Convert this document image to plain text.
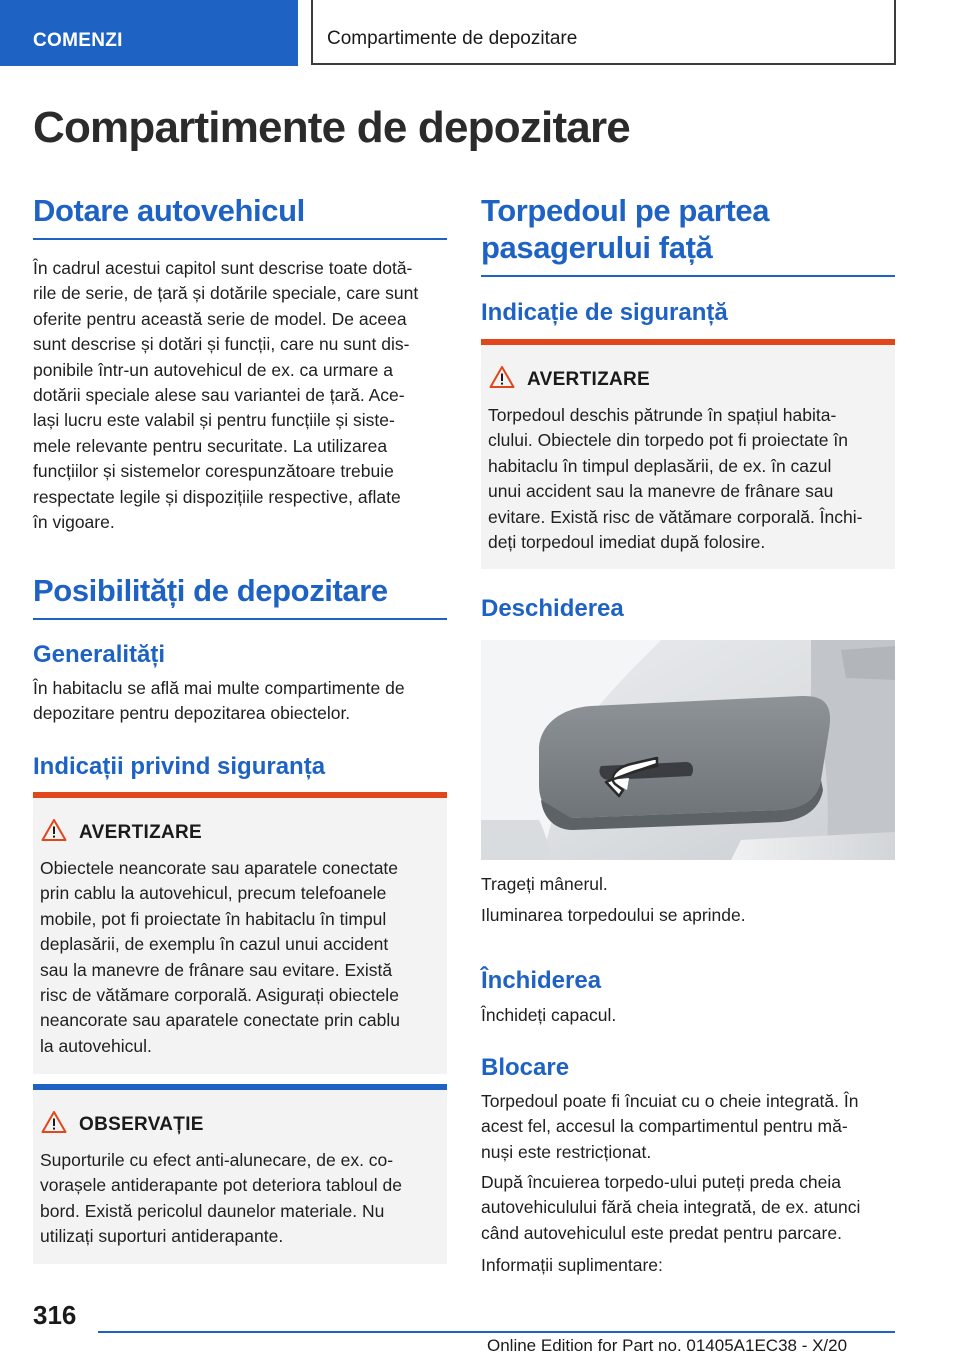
COMENZI	Compartimente de depozitare
Compartimente de depozitare
Dotare autovehicul
În cadrul acestui capitol sunt descrise toate dotă-
rile de serie, de țară și dotările speciale, care sunt
oferite pentru această serie de model. De aceea
sunt descrise și dotări și funcții, care nu sunt dis-
ponibile într-un autovehicul de ex. ca urmare a
dotării speciale alese sau variantei de țară. Ace-
lași lucru este valabil și pentru funcțiile și siste-
mele relevante pentru securitate. La utilizarea
funcțiilor și sistemelor corespunzătoare trebuie
respectate legile și dispozițiile respective, aflate
în vigoare.
Posibilități de depozitare
Generalități
În habitaclu se află mai multe compartimente de
depozitare pentru depozitarea obiectelor.
Indicații privind siguranța
AVERTIZARE
Obiectele neancorate sau aparatele conectate
prin cablu la autovehicul, precum telefoanele
mobile, pot fi proiectate în habitaclu în timpul
deplasării, de exemplu în cazul unui accident
sau la manevre de frânare sau evitare. Există
risc de vătămare corporală. Asigurați obiectele
neancorate sau aparatele conectate prin cablu
la autovehicul.
OBSERVAȚIE
Suporturile cu efect anti-alunecare, de ex. co-
vorașele antiderapante pot deteriora tabloul de
bord. Există pericolul daunelor materiale. Nu
utilizați suporturi antiderapante.
Torpedoul pe partea
pasagerului față
Indicație de siguranță
AVERTIZARE
Torpedoul deschis pătrunde în spațiul habita-
clului. Obiectele din torpedo pot fi proiectate în
habitaclu în timpul deplasării, de ex. în cazul
unui accident sau la manevre de frânare sau
evitare. Există risc de vătămare corporală. Închi-
deți torpedoul imediat după folosire.
Deschiderea
Trageți mânerul.
Iluminarea torpedoului se aprinde.
Închiderea
Închideți capacul.
Blocare
Torpedoul poate fi încuiat cu o cheie integrată. În
acest fel, accesul la compartimentul pentru mă-
nuși este restricționat.
După încuierea torpedo-ului puteți preda cheia
autovehiculului fără cheia integrată, de ex. atunci
când autovehiculul este predat pentru parcare.
Informații suplimentare:
316
Online Edition for Part no. 01405A1EC38 - X/20
